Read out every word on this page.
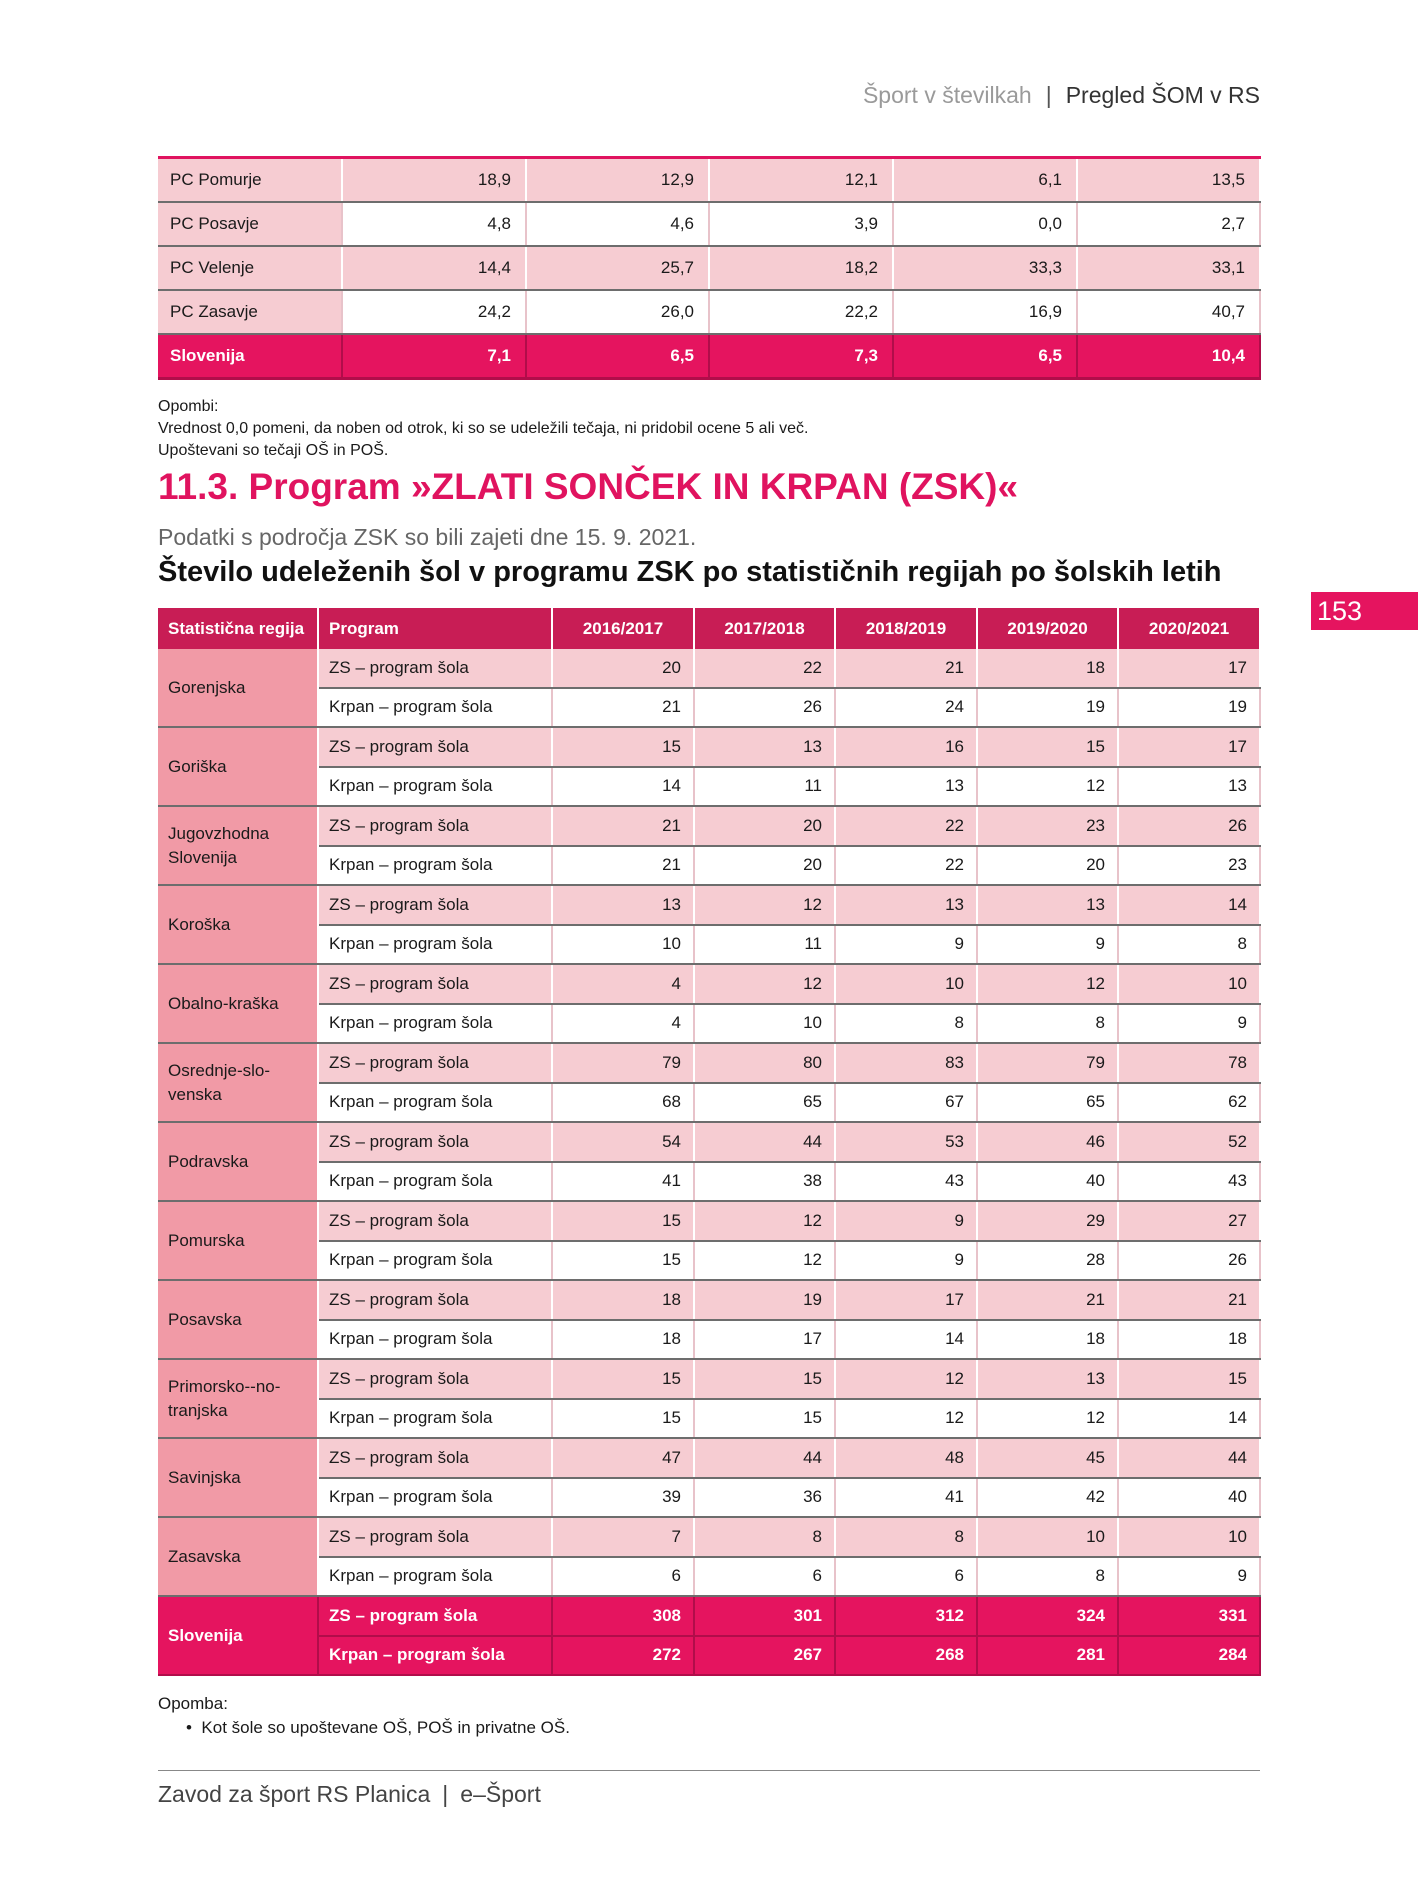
Šport v številkah | Pregled ŠOM v RS
PC Pomurje	18,9	12,9	12,1	6,1	13,5
PC Posavje	4,8	4,6	3,9	0,0	2,7
PC Velenje	14,4	25,7	18,2	33,3	33,1
PC Zasavje	24,2	26,0	22,2	16,9	40,7
Slovenija	7,1	6,5	7,3	6,5	10,4
Opombi:
Vrednost 0,0 pomeni, da noben od otrok, ki so se udeležili tečaja, ni pridobil ocene 5 ali več.
Upoštevani so tečaji OŠ in POŠ.
11.3. Program »ZLATI SONČEK IN KRPAN (ZSK)«
Podatki s področja ZSK so bili zajeti dne 15. 9. 2021.
Število udeleženih šol v programu ZSK po statističnih regijah po šolskih letih
153
Statistična regija	Program	2016/2017	2017/2018	2018/2019	2019/2020	2020/2021
Gorenjska	ZS – program šola	20	22	21	18	17
	Krpan – program šola	21	26	24	19	19
Goriška	ZS – program šola	15	13	16	15	17
	Krpan – program šola	14	11	13	12	13
Jugovzhodna Slovenija	ZS – program šola	21	20	22	23	26
	Krpan – program šola	21	20	22	20	23
Koroška	ZS – program šola	13	12	13	13	14
	Krpan – program šola	10	11	9	9	8
Obalno-kraška	ZS – program šola	4	12	10	12	10
	Krpan – program šola	4	10	8	8	9
Osrednje-slo-venska	ZS – program šola	79	80	83	79	78
	Krpan – program šola	68	65	67	65	62
Podravska	ZS – program šola	54	44	53	46	52
	Krpan – program šola	41	38	43	40	43
Pomurska	ZS – program šola	15	12	9	29	27
	Krpan – program šola	15	12	9	28	26
Posavska	ZS – program šola	18	19	17	21	21
	Krpan – program šola	18	17	14	18	18
Primorsko--no-tranjska	ZS – program šola	15	15	12	13	15
	Krpan – program šola	15	15	12	12	14
Savinjska	ZS – program šola	47	44	48	45	44
	Krpan – program šola	39	36	41	42	40
Zasavska	ZS – program šola	7	8	8	10	10
	Krpan – program šola	6	6	6	8	9
Slovenija	ZS – program šola	308	301	312	324	331
	Krpan – program šola	272	267	268	281	284
Opomba:
• Kot šole so upoštevane OŠ, POŠ in privatne OŠ.
Zavod za šport RS Planica | e–Šport
